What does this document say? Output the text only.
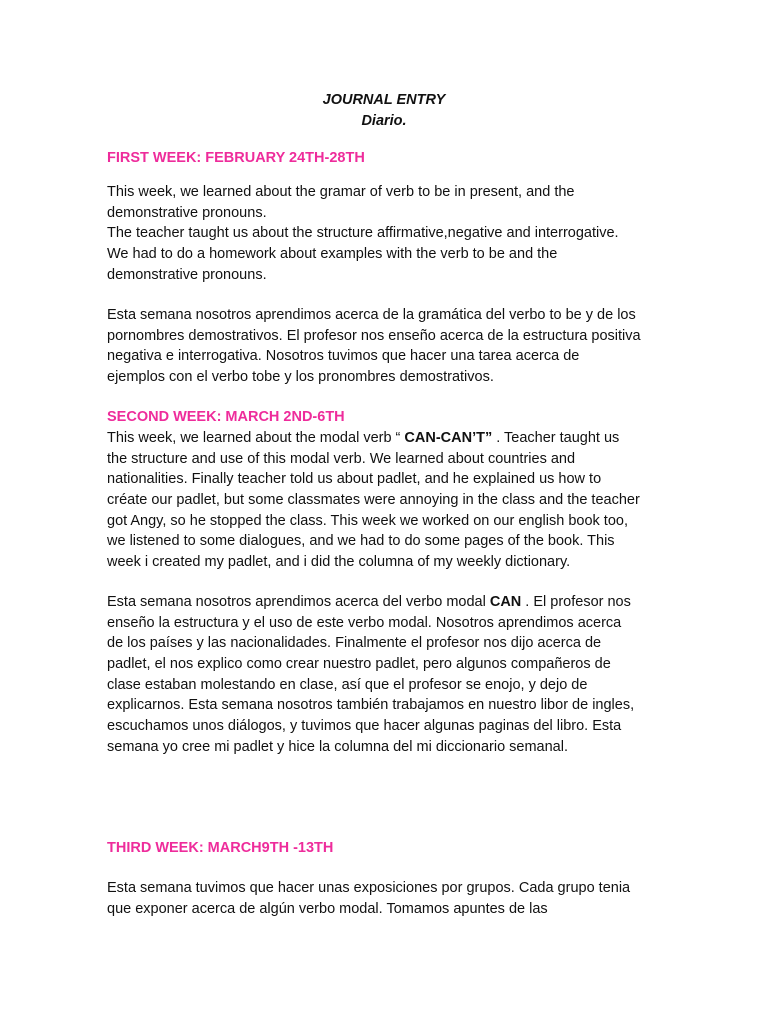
JOURNAL ENTRY
Diario.
FIRST WEEK: FEBRUARY 24TH-28TH
This week, we learned about the gramar of verb to be in present, and the
demonstrative pronouns.
The teacher taught us about the structure affirmative,negative and interrogative.
We had to do a homework about examples with the verb to be and the
demonstrative pronouns.
Esta semana nosotros aprendimos acerca de la gramática del verbo to be y de los
pornombres demostrativos. El profesor nos enseño acerca de la estructura positiva
negativa e interrogativa. Nosotros tuvimos que hacer una tarea acerca de
ejemplos con el verbo tobe y los pronombres demostrativos.
SECOND WEEK: MARCH 2ND-6TH
This week, we learned about the modal verb “ CAN-CAN’T” . Teacher taught us
the structure and use of this modal verb. We learned about countries and
nationalities. Finally teacher told us about padlet, and he explained us how to
créate our padlet, but some classmates were annoying in the class and the teacher
got Angy, so he stopped the class. This week we worked on our english book too,
we listened to some dialogues, and we had to do some pages of the book. This
week i created my padlet, and i did the columna of my weekly dictionary.
Esta semana nosotros aprendimos acerca del verbo modal CAN . El profesor nos
enseño la estructura y el uso de este verbo modal. Nosotros aprendimos acerca
de los países y las nacionalidades. Finalmente el profesor nos dijo acerca de
padlet, el nos explico como crear nuestro padlet, pero algunos compañeros de
clase estaban molestando en clase, así que el profesor se enojo, y dejo de
explicarnos. Esta semana nosotros también trabajamos en nuestro libor de ingles,
escuchamos unos diálogos, y tuvimos que hacer algunas paginas del libro. Esta
semana yo cree mi padlet y hice la columna del mi diccionario semanal.
THIRD WEEK: MARCH9TH -13TH
Esta semana tuvimos que hacer unas exposiciones por grupos. Cada grupo tenia
que exponer acerca de algún verbo modal. Tomamos apuntes de las
